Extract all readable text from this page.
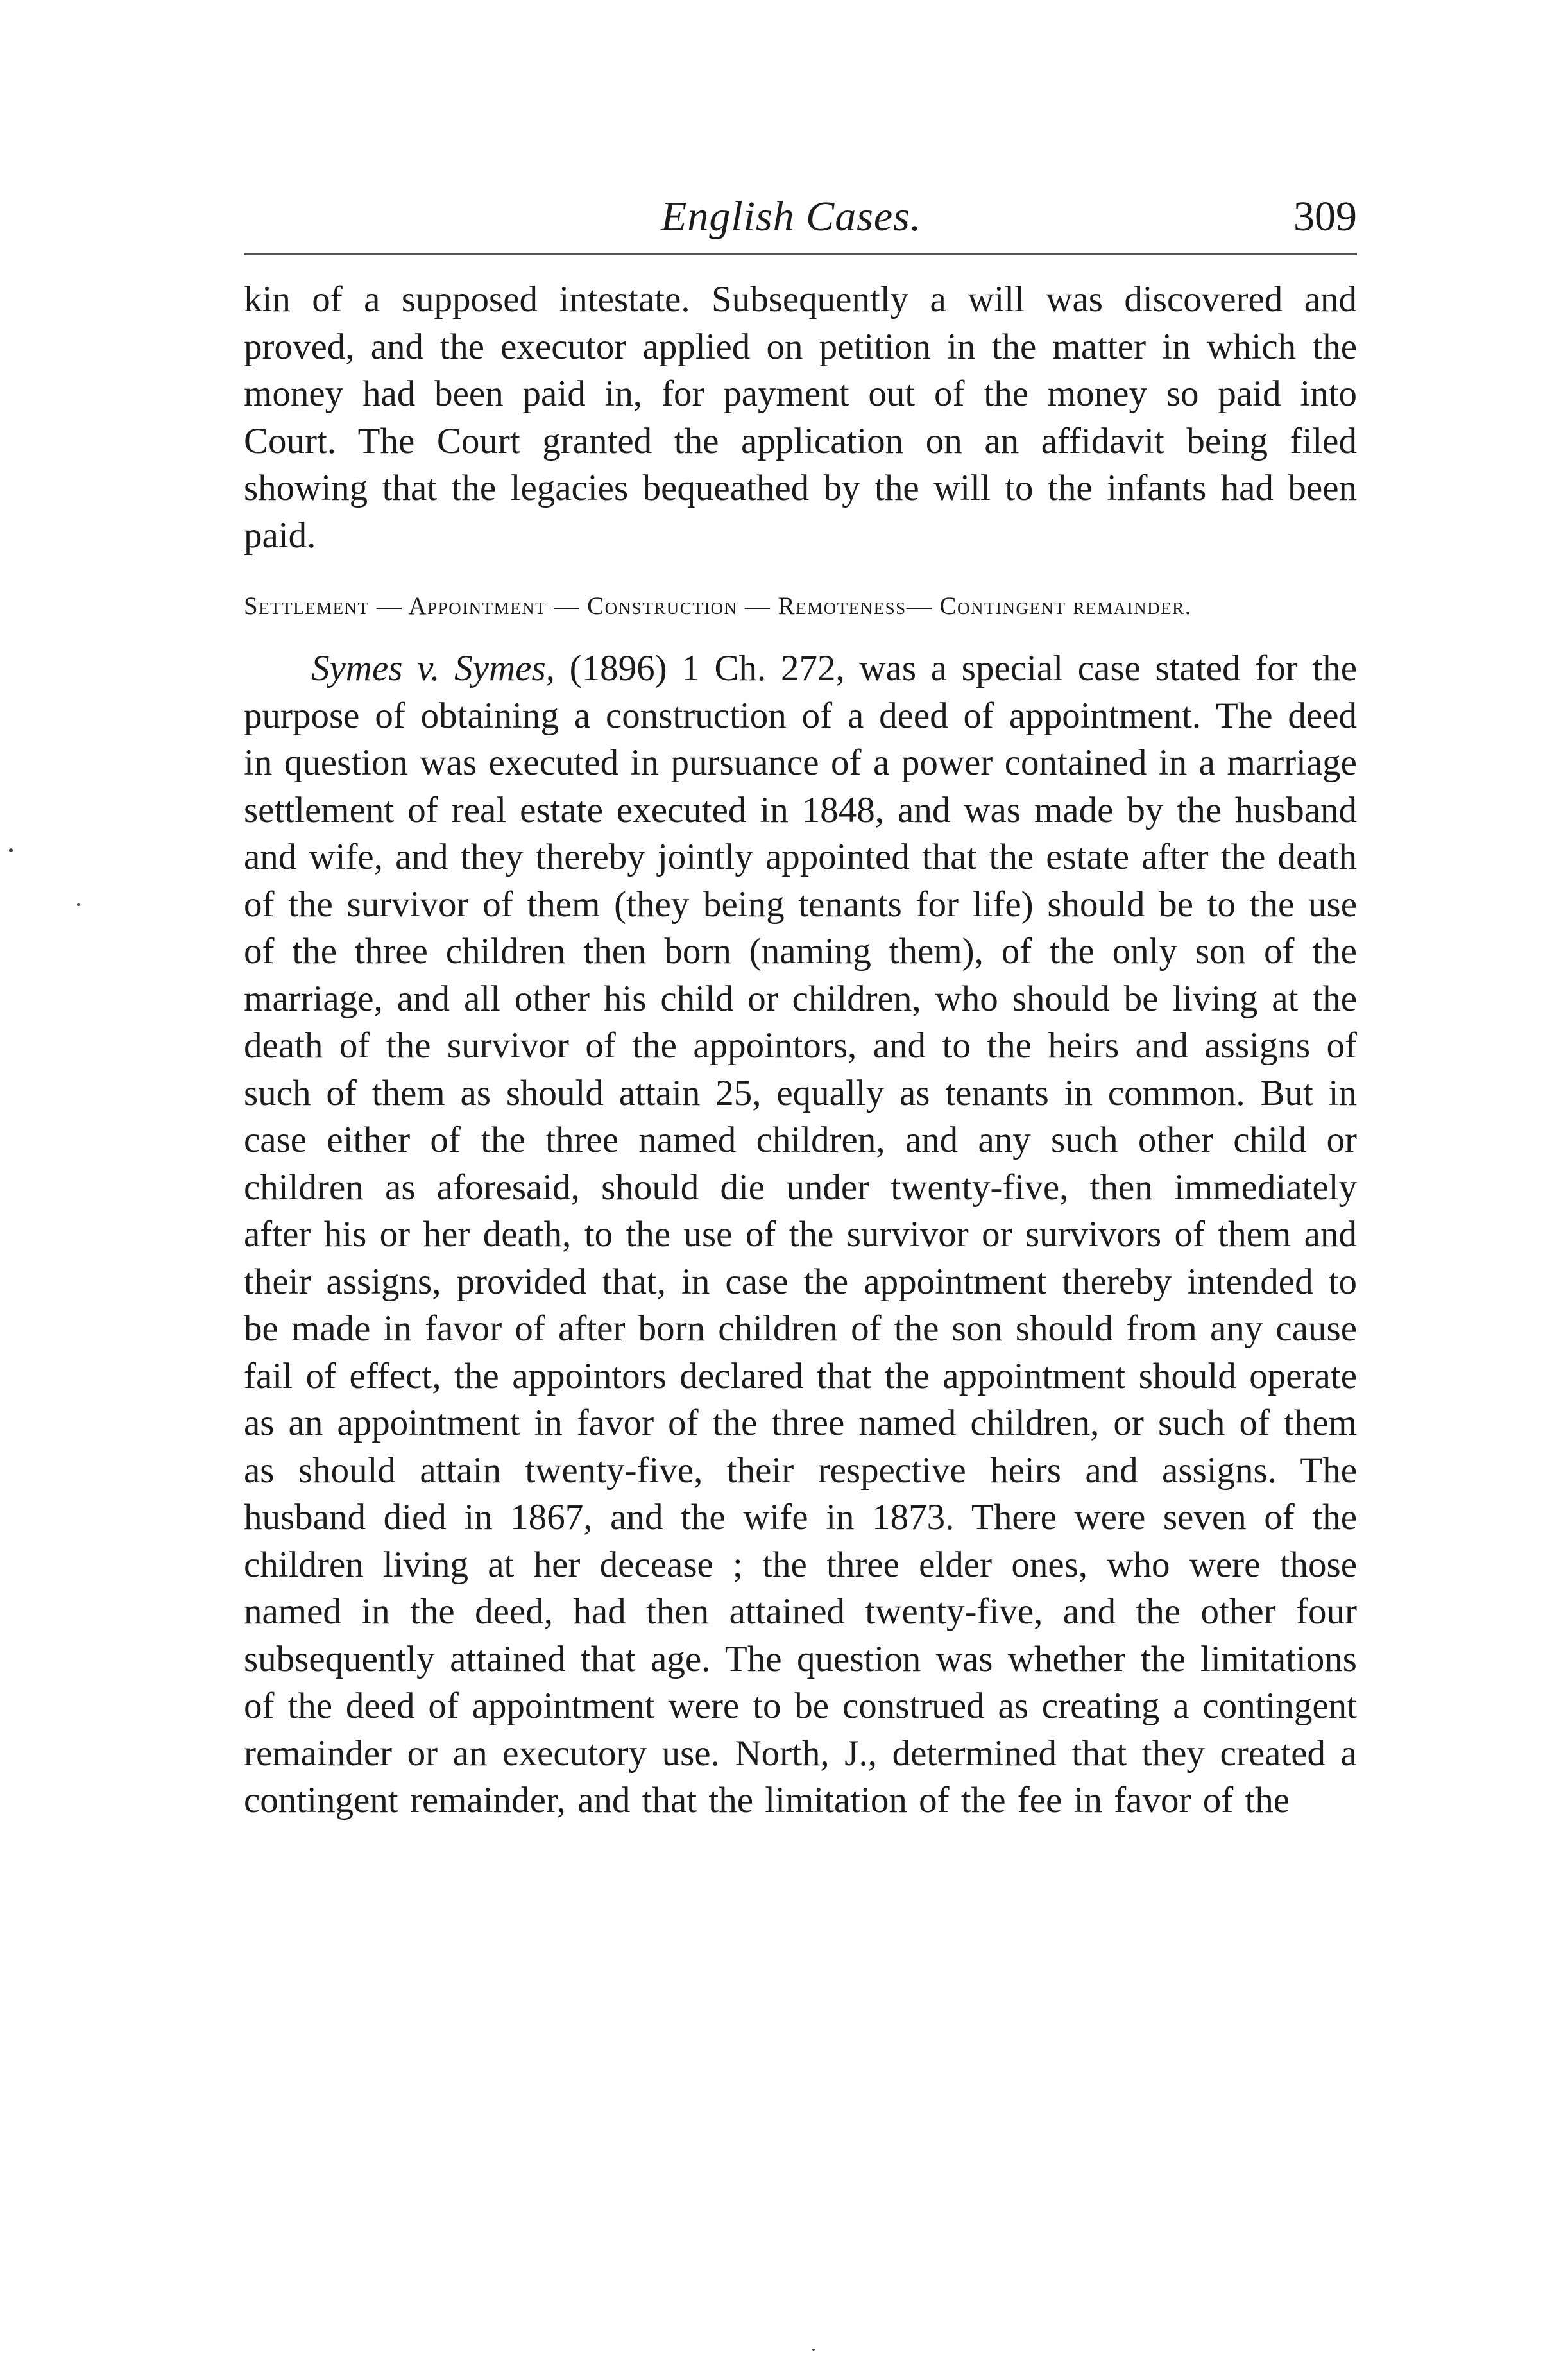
English Cases.	309

kin of a supposed intestate. Subsequently a will was discovered and proved, and the executor applied on petition in the matter in which the money had been paid in, for payment out of the money so paid into Court. The Court granted the application on an affidavit being filed showing that the legacies bequeathed by the will to the infants had been paid.

Settlement — Appointment — Construction — Remoteness— Contingent remainder.

Symes v. Symes, (1896) 1 Ch. 272, was a special case stated for the purpose of obtaining a construction of a deed of appointment. The deed in question was executed in pursuance of a power contained in a marriage settlement of real estate executed in 1848, and was made by the husband and wife, and they thereby jointly appointed that the estate after the death of the survivor of them (they being tenants for life) should be to the use of the three children then born (naming them), of the only son of the marriage, and all other his child or children, who should be living at the death of the survivor of the appointors, and to the heirs and assigns of such of them as should attain 25, equally as tenants in common. But in case either of the three named children, and any such other child or children as aforesaid, should die under twenty-five, then immediately after his or her death, to the use of the survivor or survivors of them and their assigns, provided that, in case the appointment thereby intended to be made in favor of after born children of the son should from any cause fail of effect, the appointors declared that the appointment should operate as an appointment in favor of the three named children, or such of them as should attain twenty-five, their respective heirs and assigns. The husband died in 1867, and the wife in 1873. There were seven of the children living at her decease ; the three elder ones, who were those named in the deed, had then attained twenty-five, and the other four subsequently attained that age. The question was whether the limitations of the deed of appointment were to be construed as creating a contingent remainder or an executory use. North, J., determined that they created a contingent remainder, and that the limitation of the fee in favor of the
